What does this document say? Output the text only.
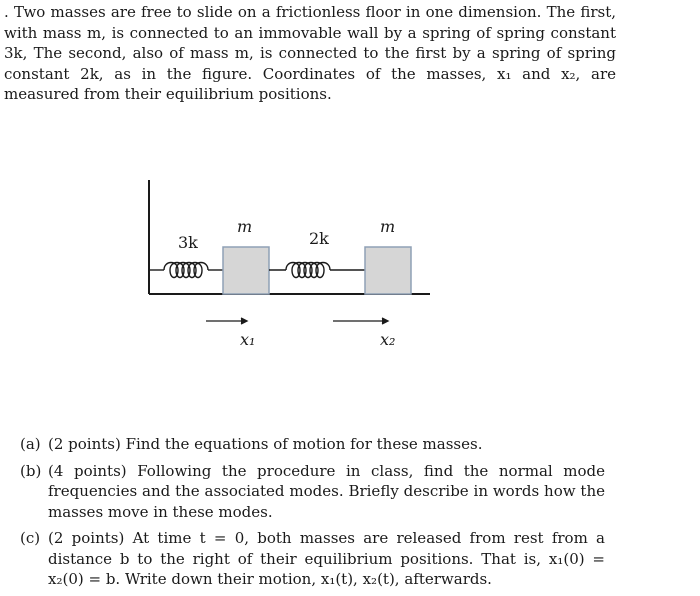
. Two masses are free to slide on a frictionless floor in one dimension. The first, with mass m, is connected to an immovable wall by a spring of spring constant 3k, The second, also of mass m, is connected to the first by a spring of spring constant 2k, as in the figure. Coordinates of the masses, x₁ and x₂, are measured from their equilibrium positions.
3k
m
2k
m
x₁	x₂
(a) (2 points) Find the equations of motion for these masses.
(b) (4 points) Following the procedure in class, find the normal mode frequencies and the associated modes. Briefly describe in words how the masses move in these modes.
(c) (2 points) At time t = 0, both masses are released from rest from a distance b to the right of their equilibrium positions. That is, x₁(0) = x₂(0) = b. Write down their motion, x₁(t), x₂(t), afterwards.
